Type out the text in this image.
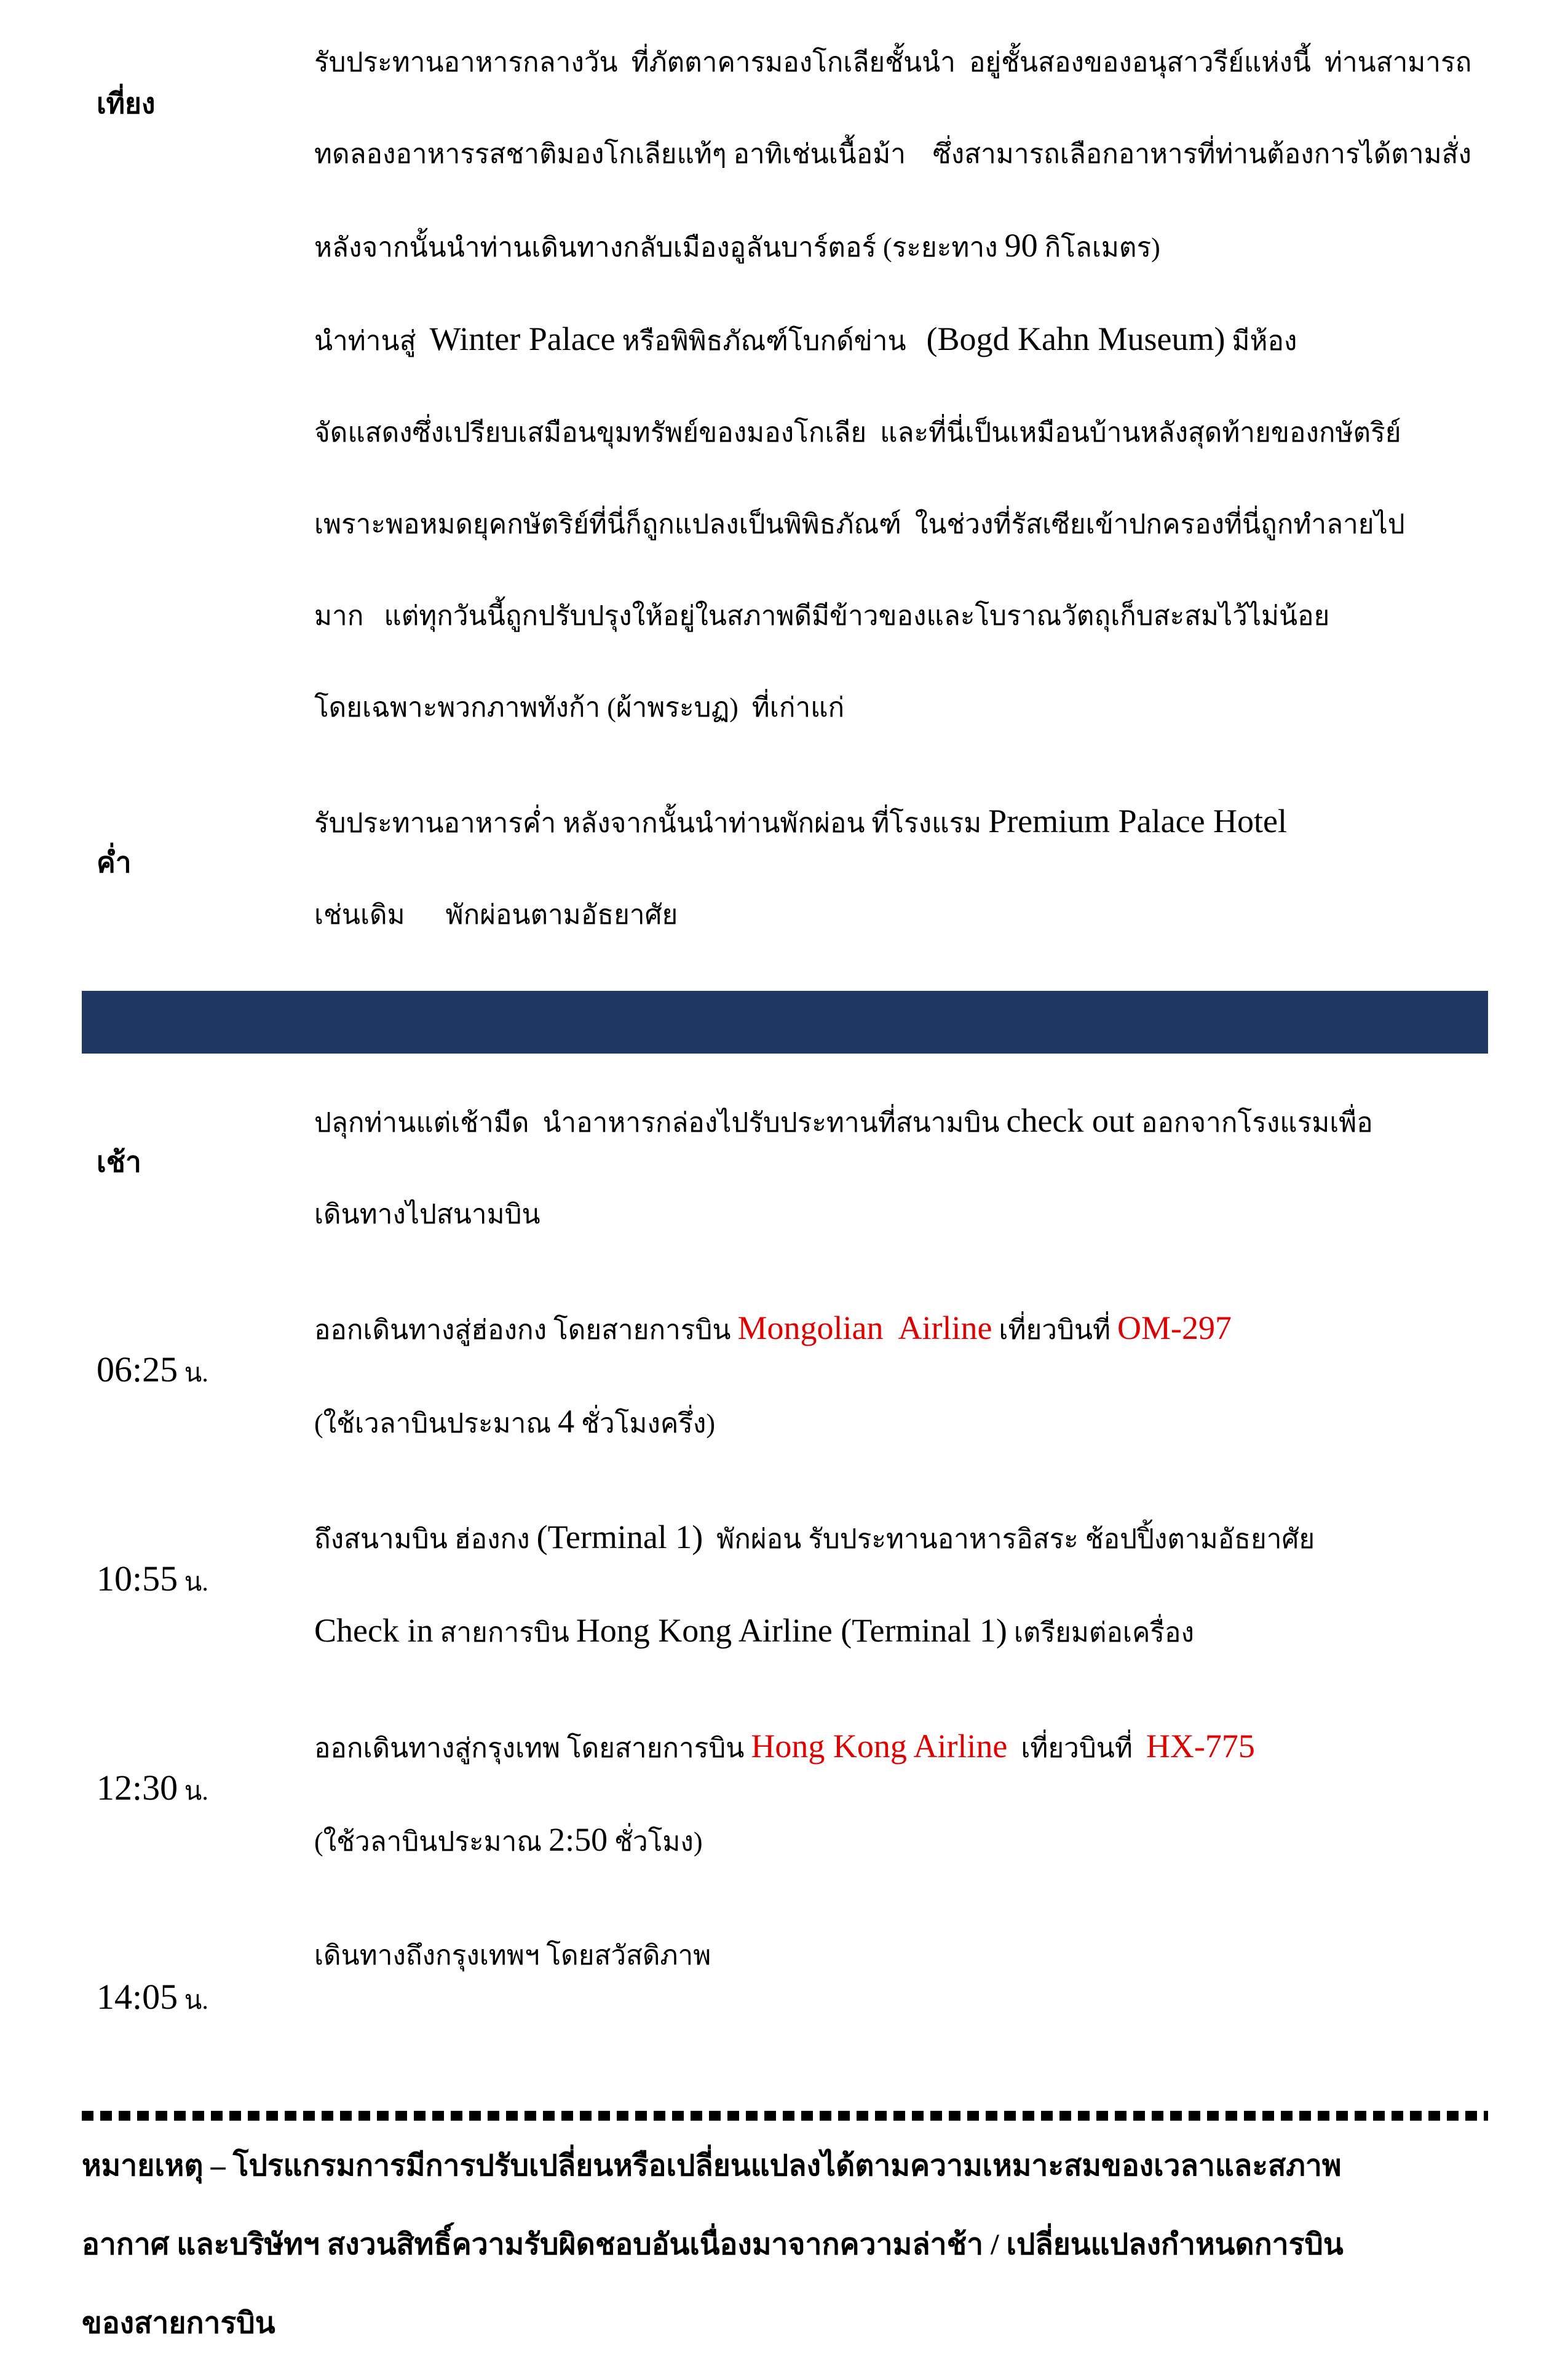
เที่ยง

รับประทานอาหารกลางวัน  ที่ภัตตาคารมองโกเลียชั้นนำ  อยู่ชั้นสองของอนุสาวรีย์แห่งนี้  ท่านสามารถ

ทดลองอาหารรสชาติมองโกเลียแท้ๆ อาทิเช่นเนื้อม้า    ซึ่งสามารถเลือกอาหารที่ท่านต้องการได้ตามสั่ง

หลังจากนั้นนำท่านเดินทางกลับเมืองอูลันบาร์ตอร์ (ระยะทาง 90 กิโลเมตร)

นำท่านสู่  Winter Palace หรือพิพิธภัณฑ์โบกด์ข่าน   (Bogd Kahn Museum) มีห้อง

จัดแสดงซึ่งเปรียบเสมือนขุมทรัพย์ของมองโกเลีย  และที่นี่เป็นเหมือนบ้านหลังสุดท้ายของกษัตริย์

เพราะพอหมดยุคกษัตริย์ที่นี่ก็ถูกแปลงเป็นพิพิธภัณฑ์  ในช่วงที่รัสเซียเข้าปกครองที่นี่ถูกทำลายไป

มาก   แต่ทุกวันนี้ถูกปรับปรุงให้อยู่ในสภาพดีมีข้าวของและโบราณวัตถุเก็บสะสมไว้ไม่น้อย

โดยเฉพาะพวกภาพทังก้า (ผ้าพระบฏ)  ที่เก่าแก่

ค่ำ

รับประทานอาหารค่ำ หลังจากนั้นนำท่านพักผ่อน ที่โรงแรม Premium Palace Hotel

เช่นเดิม      พักผ่อนตามอัธยาศัย

วันพฤหัสที่  20 กรกฎาคม 2560 ( อูลันบาร์ตอร์ - เดินทางกลับแวะต่อเครื่องที่ฮ่องกง – กรุงเทพฯ

เช้า

ปลุกท่านแต่เช้ามืด  นำอาหารกล่องไปรับประทานที่สนามบิน check out ออกจากโรงแรมเพื่อ

เดินทางไปสนามบิน

06:25 น.

ออกเดินทางสู่ฮ่องกง โดยสายการบิน Mongolian  Airline เที่ยวบินที่ OM-297

(ใช้เวลาบินประมาณ 4 ชั่วโมงครึ่ง)

10:55 น.

ถึงสนามบิน ฮ่องกง (Terminal 1)  พักผ่อน รับประทานอาหารอิสระ ช้อปปิ้งตามอัธยาศัย

Check in สายการบิน Hong Kong Airline (Terminal 1) เตรียมต่อเครื่อง

12:30 น.

ออกเดินทางสู่กรุงเทพ โดยสายการบิน Hong Kong Airline  เที่ยวบินที่  HX-775

(ใช้วลาบินประมาณ 2:50 ชั่วโมง)

14:05 น.

เดินทางถึงกรุงเทพฯ โดยสวัสดิภาพ

หมายเหตุ – โปรแกรมการมีการปรับเปลี่ยนหรือเปลี่ยนแปลงได้ตามความเหมาะสมของเวลาและสภาพ
อากาศ และบริษัทฯ สงวนสิทธิ์ความรับผิดชอบอันเนื่องมาจากความล่าช้า / เปลี่ยนแปลงกำหนดการบิน
ของสายการบิน
